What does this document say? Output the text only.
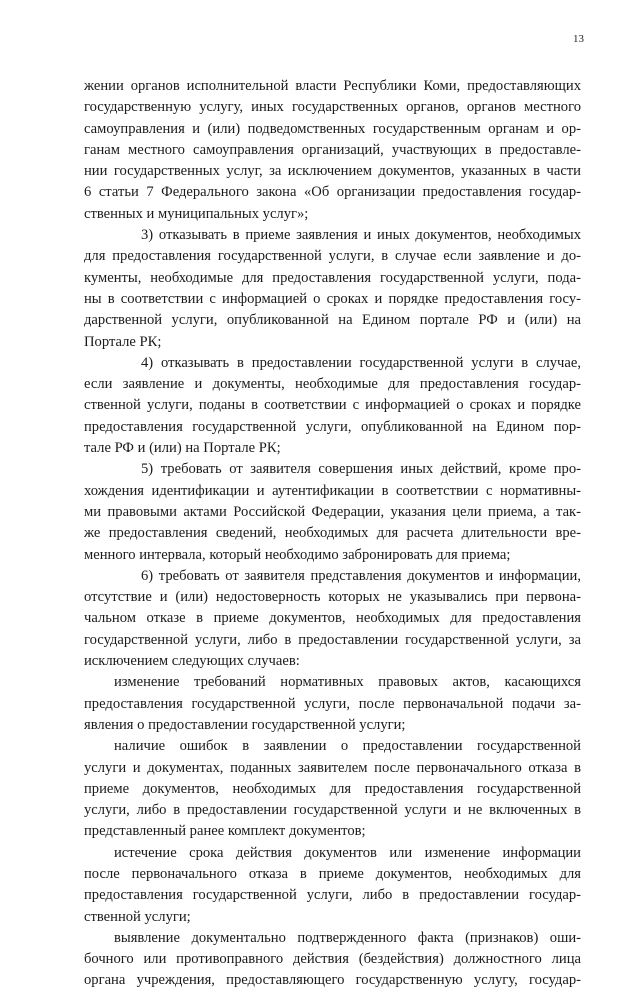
13
жении органов исполнительной власти Республики Коми, предоставляющих
государственную услугу, иных государственных органов, органов местного
самоуправления и (или) подведомственных государственным органам и ор-
ганам местного самоуправления организаций, участвующих в предоставле-
нии государственных услуг, за исключением документов, указанных в части
6 статьи 7 Федерального закона «Об организации предоставления государ-
ственных и муниципальных услуг»;
3) отказывать в приеме заявления и иных документов, необходимых
для предоставления государственной услуги, в случае если заявление и до-
кументы, необходимые для предоставления государственной услуги, пода-
ны в соответствии с информацией о сроках и порядке предоставления госу-
дарственной услуги, опубликованной на Едином портале РФ и (или) на
Портале РК;
4) отказывать в предоставлении государственной услуги в случае,
если заявление и документы, необходимые для предоставления государ-
ственной услуги, поданы в соответствии с информацией о сроках и порядке
предоставления государственной услуги, опубликованной на Едином пор-
тале РФ и (или) на Портале РК;
5) требовать от заявителя совершения иных действий, кроме про-
хождения идентификации и аутентификации в соответствии с нормативны-
ми правовыми актами Российской Федерации, указания цели приема, а так-
же предоставления сведений, необходимых для расчета длительности вре-
менного интервала, который необходимо забронировать для приема;
6) требовать от заявителя представления документов и информации,
отсутствие и (или) недостоверность которых не указывались при первона-
чальном отказе в приеме документов, необходимых для предоставления
государственной услуги, либо в предоставлении государственной услуги, за
исключением следующих случаев:
изменение требований нормативных правовых актов, касающихся
предоставления государственной услуги, после первоначальной подачи за-
явления о предоставлении государственной услуги;
наличие ошибок в заявлении о предоставлении государственной
услуги и документах, поданных заявителем после первоначального отказа в
приеме документов, необходимых для предоставления государственной
услуги, либо в предоставлении государственной услуги и не включенных в
представленный ранее комплект документов;
истечение срока действия документов или изменение информации
после первоначального отказа в приеме документов, необходимых для
предоставления государственной услуги, либо в предоставлении государ-
ственной услуги;
выявление документально подтвержденного факта (признаков) оши-
бочного или противоправного действия (бездействия) должностного лица
органа учреждения, предоставляющего государственную услугу, государ-
